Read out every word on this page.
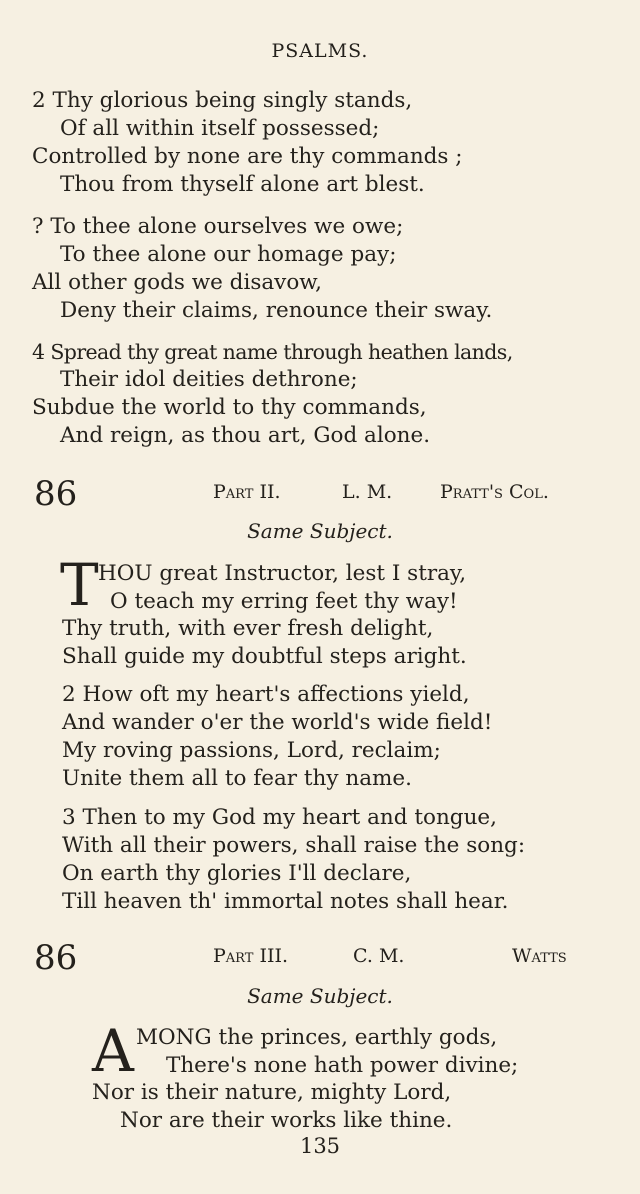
PSALMS.
2 Thy glorious being singly stands,
Of all within itself possessed;
Controlled by none are thy commands ;
Thou from thyself alone art blest.
? To thee alone ourselves we owe;
To thee alone our homage pay;
All other gods we disavow,
Deny their claims, renounce their sway.
4 Spread thy great name through heathen lands,
Their idol deities dethrone;
Subdue the world to thy commands,
And reign, as thou art, God alone.
86	Part II.	L. M.	Pratt's Col.
Same Subject.
T HOU great Instructor, lest I stray,
O teach my erring feet thy way!
Thy truth, with ever fresh delight,
Shall guide my doubtful steps aright.
2 How oft my heart's affections yield,
And wander o'er the world's wide field!
My roving passions, Lord, reclaim;
Unite them all to fear thy name.
3 Then to my God my heart and tongue,
With all their powers, shall raise the song:
On earth thy glories I'll declare,
Till heaven th' immortal notes shall hear.
86	Part III.	C. M.	Watts
Same Subject.
A MONG the princes, earthly gods,
There's none hath power divine;
Nor is their nature, mighty Lord,
Nor are their works like thine.
135
